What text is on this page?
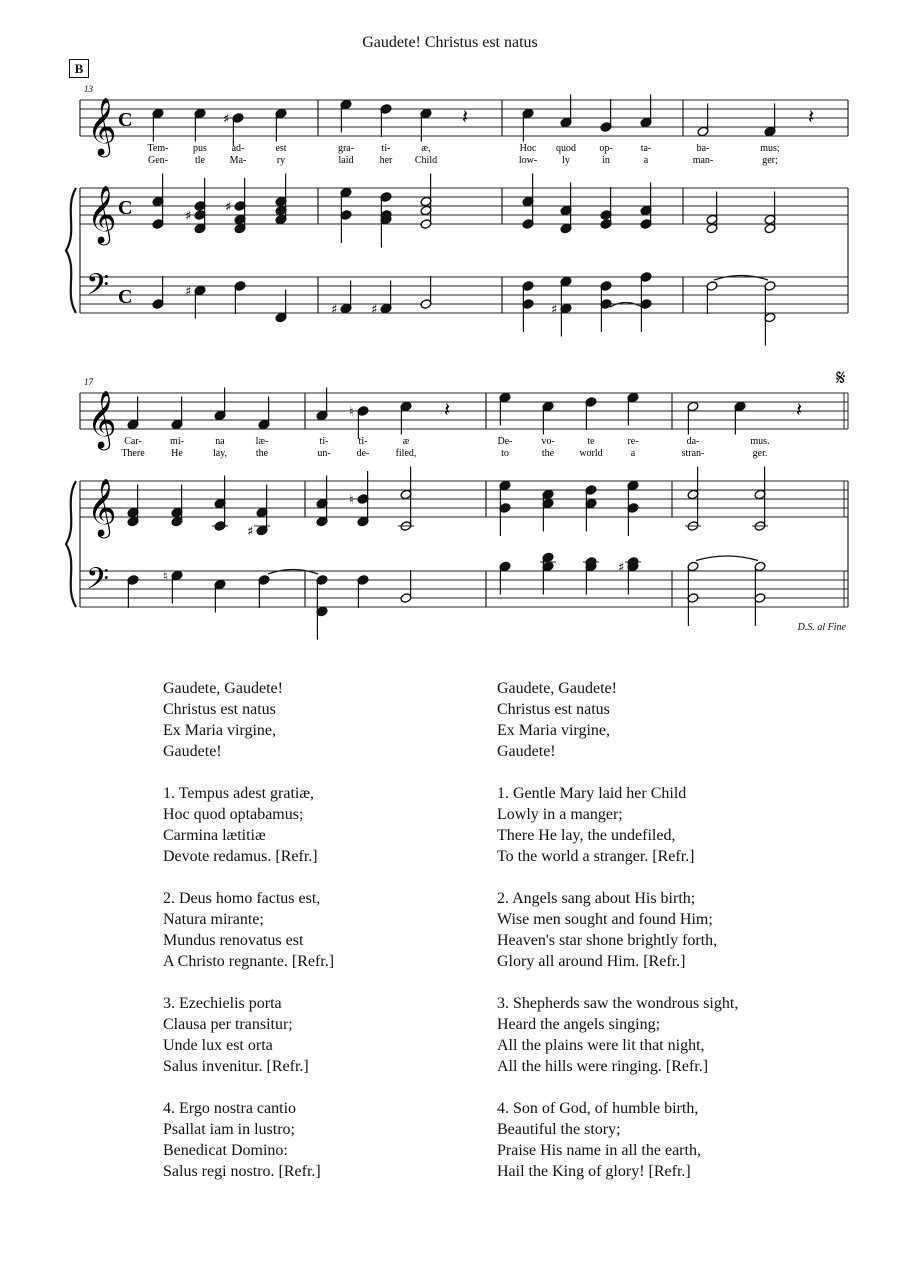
Gaudete! Christus est natus
B
𝄞 C
𝄞 C
𝄢 C
13
♯	𝄽	𝄽
Tem- pus ad-	est	gra-	ti-	æ,	Hoc quod op-	ta-	ba-	mus;
Gen-	tle Ma-	ry	laid	her Child	low- ly	in	a	man-	ger;
♯
♯
♯
♯	♯	♯
𝄞
𝄞
𝄢
17	𝄋
♮	𝄽	𝄽
Car-	mi-	na	læ-	ti-	ti-	æ	De-	vo-	te	re-	da-	mus.
There	He	lay,	the	un-	de-	filed,	to	the	world	a	stran-	ger.
♯
♮
♮
♯
D.S. al Fine
Gaudete, Gaudete!
Christus est natus
Ex Maria virgine,
Gaudete!
1. Tempus adest gratiæ,
Hoc quod optabamus;
Carmina lætitiæ
Devote redamus. [Refr.]
2. Deus homo factus est,
Natura mirante;
Mundus renovatus est
A Christo regnante. [Refr.]
3. Ezechielis porta
Clausa per transitur;
Unde lux est orta
Salus invenitur. [Refr.]
4. Ergo nostra cantio
Psallat iam in lustro;
Benedicat Domino:
Salus regi nostro. [Refr.]
Gaudete, Gaudete!
Christus est natus
Ex Maria virgine,
Gaudete!
1. Gentle Mary laid her Child
Lowly in a manger;
There He lay, the undefiled,
To the world a stranger. [Refr.]
2. Angels sang about His birth;
Wise men sought and found Him;
Heaven's star shone brightly forth,
Glory all around Him. [Refr.]
3. Shepherds saw the wondrous sight,
Heard the angels singing;
All the plains were lit that night,
All the hills were ringing. [Refr.]
4. Son of God, of humble birth,
Beautiful the story;
Praise His name in all the earth,
Hail the King of glory! [Refr.]
